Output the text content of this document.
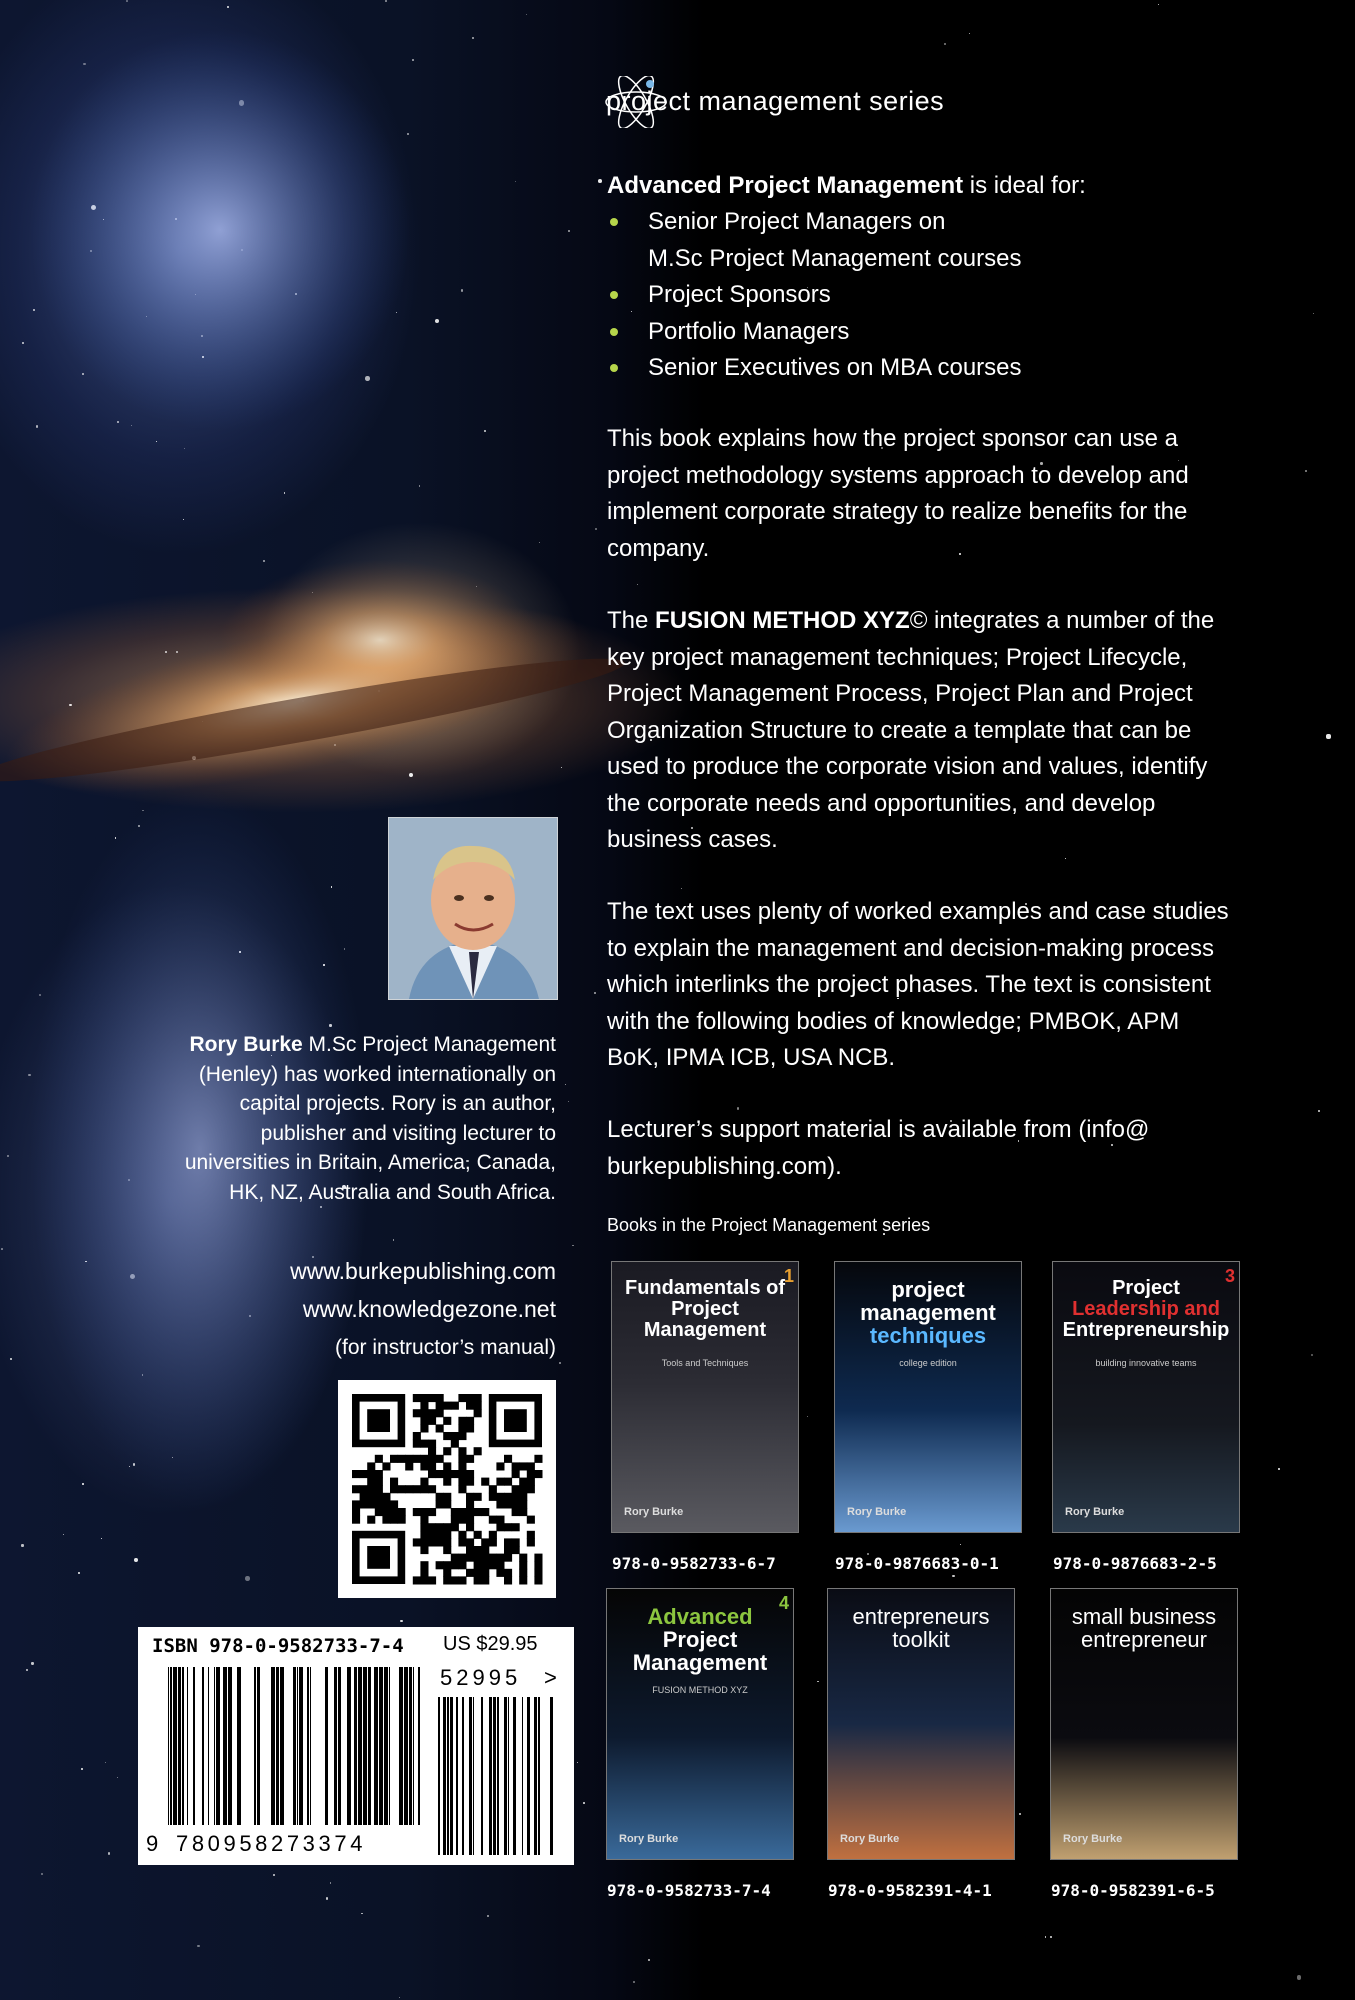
project management series
Advanced Project Management is ideal for:
Senior Project Managers on
M.Sc Project Management courses
Project Sponsors
Portfolio Managers
Senior Executives on MBA courses
This book explains how the project sponsor can use a project methodology systems approach to develop and implement corporate strategy to realize benefits for the company.
The FUSION METHOD XYZ© integrates a number of the key project management techniques; Project Lifecycle, Project Management Process, Project Plan and Project Organization Structure to create a template that can be used to produce the corporate vision and values, identify the corporate needs and opportunities, and develop business cases.
The text uses plenty of worked examples and case studies to explain the management and decision-making process which interlinks the project phases. The text is consistent with the following bodies of knowledge; PMBOK, APM BoK, IPMA ICB, USA NCB.
Lecturer’s support material is available from (info@ burkepublishing.com).
Rory Burke M.Sc Project Management (Henley) has worked internationally on capital projects. Rory is an author, publisher and visiting lecturer to universities in Britain, America, Canada, HK, NZ, Australia and South Africa.
www.burkepublishing.com
www.knowledgezone.net
(for instructor’s manual)
ISBN 978-0-9582733-7-4 US $29.95
52995 >
9 780958273374
Books in the Project Management series
Fundamentals of
Project
Management
Tools and Techniques
1
Rory Burke
978-0-9582733-6-7
project
management
techniques
college edition
Rory Burke
978-0-9876683-0-1
Project
Leadership and
Entrepreneurship
building innovative teams
3
Rory Burke
978-0-9876683-2-5
Advanced
Project
Management
FUSION METHOD XYZ
4
Rory Burke
978-0-9582733-7-4
entrepreneurs
toolkit
Rory Burke
978-0-9582391-4-1
small business
entrepreneur
Rory Burke
978-0-9582391-6-5
